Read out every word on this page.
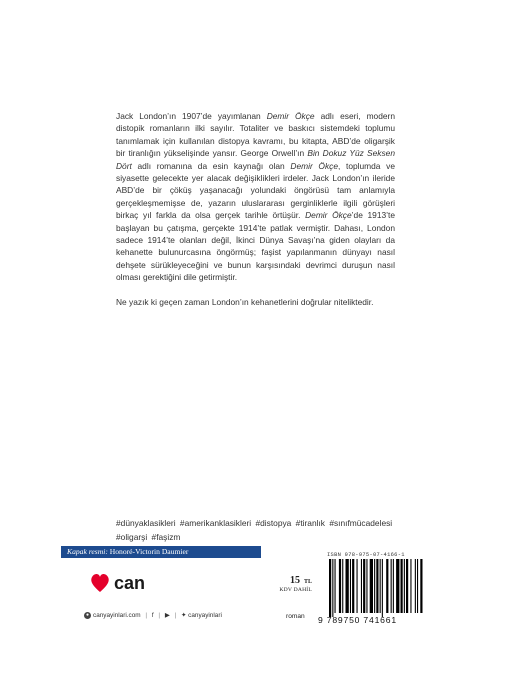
Jack London’ın 1907’de yayımlanan Demir Ökçe adlı eseri, modern distopik romanların ilki sayılır. Totaliter ve baskıcı sistemdeki toplumu tanımlamak için kullanılan distopya kavramı, bu kitapta, ABD’de oligarşik bir tiranlığın yükselişinde yansır. George Orwell’ın Bin Dokuz Yüz Seksen Dört adlı romanına da esin kaynağı olan Demir Ökçe, toplumda ve siyasette gelecekte yer alacak değişiklikleri irdeler. Jack London’ın ileride ABD’de bir çöküş yaşanacağı yolundaki öngörüsü tam anlamıyla gerçekleşmemişse de, yazarın uluslararası gerginliklerle ilgili görüşleri birkaç yıl farkla da olsa gerçek tarihle örtüşür. Demir Ökçe’de 1913’te başlayan bu çatışma, gerçekte 1914’te patlak vermiştir. Dahası, London sadece 1914’te olanları değil, İkinci Dünya Savaşı’na giden olayları da kehanette bulunurcasına öngörmüş; faşist yapılanmanın dünyayı nasıl dehşete sürükleyeceğini ve bunun karşısındaki devrimci duruşun nasıl olması gerektiğini dile getirmiştir.

Ne yazık ki geçen zaman London’ın kehanetlerini doğrular niteliktedir.

#dünyaklasikleri #amerikanklasikleri #distopya #tiranlık #sınıfmücadelesi
#oligarşi #faşizm
Kapak resmi: Honoré-Victorin Daumier
can	15 TL
KDV DAHİL
roman
● canyayinlari.com | f | ▶ | ✦ canyayinlari
ISBN 978-975-07-4166-1
9 789750 741661
